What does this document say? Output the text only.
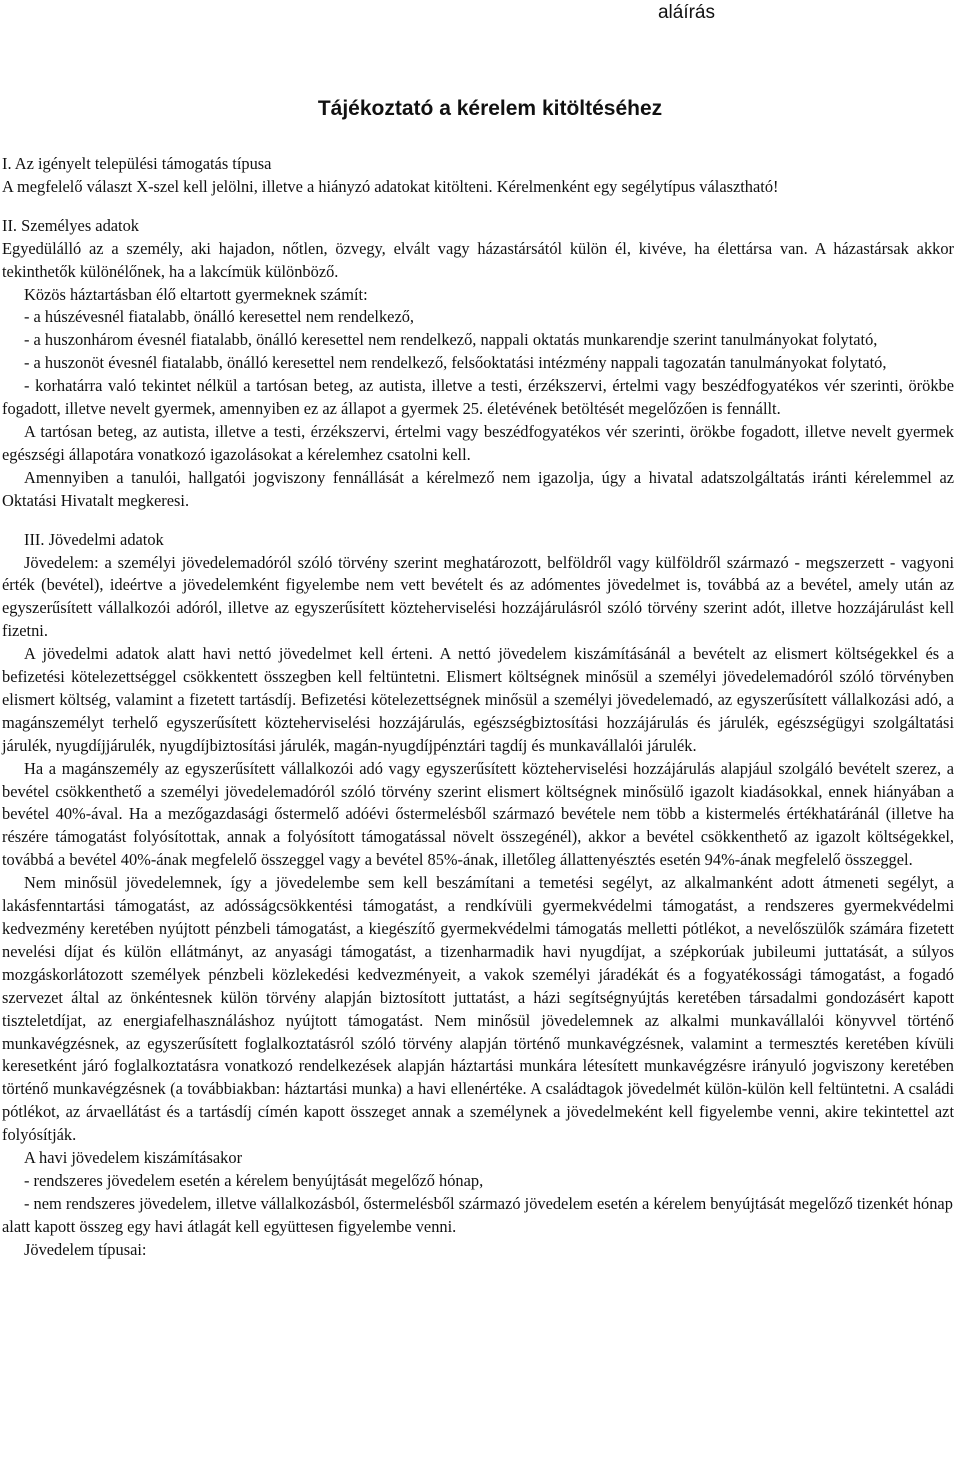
aláírás
Tájékoztató a kérelem kitöltéséhez

I. Az igényelt települési támogatás típusa

A megfelelő választ X-szel kell jelölni, illetve a hiányzó adatokat kitölteni. Kérelmenként egy segélytípus választható!

II. Személyes adatok

Egyedülálló az a személy, aki hajadon, nőtlen, özvegy, elvált vagy házastársától külön él, kivéve, ha élettársa van. A házastársak akkor tekinthetők különélőnek, ha a lakcímük különböző.

Közös háztartásban élő eltartott gyermeknek számít:

- a húszévesnél fiatalabb, önálló keresettel nem rendelkező,

- a huszonhárom évesnél fiatalabb, önálló keresettel nem rendelkező, nappali oktatás munkarendje szerint tanulmányokat folytató,

- a huszonöt évesnél fiatalabb, önálló keresettel nem rendelkező, felsőoktatási intézmény nappali tagozatán tanulmányokat folytató,

- korhatárra való tekintet nélkül a tartósan beteg, az autista, illetve a testi, érzékszervi, értelmi vagy beszédfogyatékos vér szerinti, örökbe fogadott, illetve nevelt gyermek, amennyiben ez az állapot a gyermek 25. életévének betöltését megelőzően is fennállt.

A tartósan beteg, az autista, illetve a testi, érzékszervi, értelmi vagy beszédfogyatékos vér szerinti, örökbe fogadott, illetve nevelt gyermek egészségi állapotára vonatkozó igazolásokat a kérelemhez csatolni kell.

Amennyiben a tanulói, hallgatói jogviszony fennállását a kérelmező nem igazolja, úgy a hivatal adatszolgáltatás iránti kérelemmel az Oktatási Hivatalt megkeresi.

III. Jövedelmi adatok

Jövedelem: a személyi jövedelemadóról szóló törvény szerint meghatározott, belföldről vagy külföldről származó - megszerzett - vagyoni érték (bevétel), ideértve a jövedelemként figyelembe nem vett bevételt és az adómentes jövedelmet is, továbbá az a bevétel, amely után az egyszerűsített vállalkozói adóról, illetve az egyszerűsített közteherviselési hozzájárulásról szóló törvény szerint adót, illetve hozzájárulást kell fizetni.

A jövedelmi adatok alatt havi nettó jövedelmet kell érteni. A nettó jövedelem kiszámításánál a bevételt az elismert költségekkel és a befizetési kötelezettséggel csökkentett összegben kell feltüntetni. Elismert költségnek minősül a személyi jövedelemadóról szóló törvényben elismert költség, valamint a fizetett tartásdíj. Befizetési kötelezettségnek minősül a személyi jövedelemadó, az egyszerűsített vállalkozási adó, a magánszemélyt terhelő egyszerűsített közteherviselési hozzájárulás, egészségbiztosítási hozzájárulás és járulék, egészségügyi szolgáltatási járulék, nyugdíjjárulék, nyugdíjbiztosítási járulék, magán-nyugdíjpénztári tagdíj és munkavállalói járulék.

Ha a magánszemély az egyszerűsített vállalkozói adó vagy egyszerűsített közteherviselési hozzájárulás alapjául szolgáló bevételt szerez, a bevétel csökkenthető a személyi jövedelemadóról szóló törvény szerint elismert költségnek minősülő igazolt kiadásokkal, ennek hiányában a bevétel 40%-ával. Ha a mezőgazdasági őstermelő adóévi őstermelésből származó bevétele nem több a kistermelés értékhatáránál (illetve ha részére támogatást folyósítottak, annak a folyósított támogatással növelt összegénél), akkor a bevétel csökkenthető az igazolt költségekkel, továbbá a bevétel 40%-ának megfelelő összeggel vagy a bevétel 85%-ának, illetőleg állattenyésztés esetén 94%-ának megfelelő összeggel.

Nem minősül jövedelemnek, így a jövedelembe sem kell beszámítani a temetési segélyt, az alkalmanként adott átmeneti segélyt, a lakásfenntartási támogatást, az adósságcsökkentési támogatást, a rendkívüli gyermekvédelmi támogatást, a rendszeres gyermekvédelmi kedvezmény keretében nyújtott pénzbeli támogatást, a kiegészítő gyermekvédelmi támogatás melletti pótlékot, a nevelőszülők számára fizetett nevelési díjat és külön ellátmányt, az anyasági támogatást, a tizenharmadik havi nyugdíjat, a szépkorúak jubileumi juttatását, a súlyos mozgáskorlátozott személyek pénzbeli közlekedési kedvezményeit, a vakok személyi járadékát és a fogyatékossági támogatást, a fogadó szervezet által az önkéntesnek külön törvény alapján biztosított juttatást, a házi segítségnyújtás keretében társadalmi gondozásért kapott tiszteletdíjat, az energiafelhasználáshoz nyújtott támogatást. Nem minősül jövedelemnek az alkalmi munkavállalói könyvvel történő munkavégzésnek, az egyszerűsített foglalkoztatásról szóló törvény alapján történő munkavégzésnek, valamint a termesztés keretében kívüli keresetként járó foglalkoztatásra vonatkozó rendelkezések alapján háztartási munkára létesített munkavégzésre irányuló jogviszony keretében történő munkavégzésnek (a továbbiakban: háztartási munka) a havi ellenértéke. A családtagok jövedelmét külön-külön kell feltüntetni. A családi pótlékot, az árvaellátást és a tartásdíj címén kapott összeget annak a személynek a jövedelmeként kell figyelembe venni, akire tekintettel azt folyósítják.

A havi jövedelem kiszámításakor

- rendszeres jövedelem esetén a kérelem benyújtását megelőző hónap,

- nem rendszeres jövedelem, illetve vállalkozásból, őstermelésből származó jövedelem esetén a kérelem benyújtását megelőző tizenkét hónap

alatt kapott összeg egy havi átlagát kell együttesen figyelembe venni.

Jövedelem típusai:
